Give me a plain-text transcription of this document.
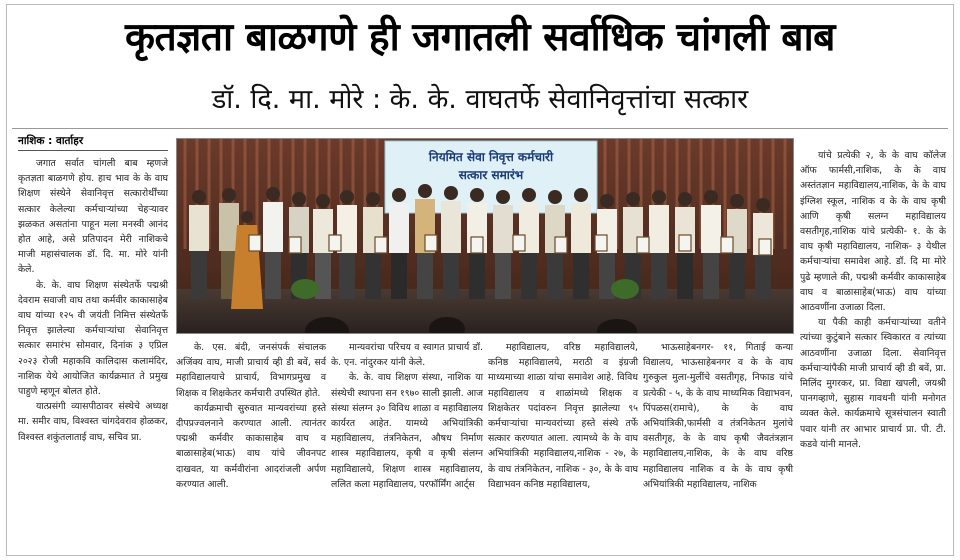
कृतज्ञता बाळगणे ही जगातली सर्वाधिक चांगली बाब
डॉ. दि. मा. मोरे : के. के. वाघतर्फे सेवानिवृत्तांचा सत्कार
नाशिक : वार्ताहर

जगात सर्वात चांगली बाब म्हणजे कृतज्ञता बाळगणे होय. हाच भाव के के वाघ शिक्षण संस्थेने सेवानिवृत्त सत्कारोर्थींच्या सत्कार केलेल्या कर्मचाऱ्यांच्या चेहऱ्यावर झळकत असतांना पाहून मला मनस्वी आनंद होत आहे, असे प्रतिपादन मेरी नाशिकचे माजी महासंचालक डॉ. दि. मा. मोरे यांनी केले.

के. के. वाघ शिक्षण संस्थेतर्फे पद्मश्री देवराम सवाजी वाघ तथा कर्मवीर काकासाहेब वाघ यांच्या १२५ वी जयंती निमित्त संस्थेतर्फे निवृत्त झालेल्या कर्मचाऱ्यांचा सेवानिवृत्त सत्कार समारंभ सोमवार, दिनांक ३ एप्रिल २०२३ रोजी महाकवि कालिदास कलामंदिर, नाशिक येथे आयोजित कार्यक्रमात ते प्रमुख पाहुणे म्हणून बोलत होते.

यात्प्रसंगी व्यासपीठावर संस्थेचे अध्यक्ष मा. समीर वाघ, विश्वस्त चांगदेवराव होळकर, विश्वस्त शकुंतलाताई वाघ, सचिव प्रा.

नियमित सेवा निवृत्त कर्मचारी
सत्कार समारंभ

के. एस. बंदी, जनसंपर्क संचालक अजिंक्य वाघ, माजी प्राचार्य व्ही डी बवें, सर्व महाविद्यालयाचे प्राचार्य, विभागप्रमुख व शिक्षक व शिक्षकेतर कर्मचारी उपस्थित होते.

कार्यक्रमाची सुरुवात मान्यवरांच्या हस्ते दीपप्रज्वलनाने करण्यात आली. त्यानंतर पद्मश्री कर्मवीर काकासाहेब वाघ व बाळासाहेब(भाऊ) वाघ यांचे जीवनपट दाखवत, या कर्मवीरांना आदरांजली अर्पण करण्यात आली.

मान्यवरांचा परिचय व स्वागत प्राचार्य डॉ. के. एन. नांदुरकर यांनी केले.

के. के. वाघ शिक्षण संस्था, नाशिक या संस्थेची स्थापना सन १९७० साली झाली. आज संस्था संलग्न ३० विविध शाळा व महाविद्यालय कार्यरत आहेत. यामध्ये अभियांत्रिकी महाविद्यालय, तंत्रनिकेतन, औषध निर्माण शास्त्र महाविद्यालय, कृषी व कृषी संलग्न महाविद्यालये, शिक्षण शास्त्र महाविद्यालय, ललित कला महाविद्यालय, परफॉर्मिंग आर्ट्स

महाविद्यालय, वरिष्ठ महाविद्यालये, कनिष्ठ महाविद्यालये, मराठी व इंग्रजी माध्यमाच्या शाळा यांचा समावेश आहे. विविध महाविद्यालय व शाळांमध्ये शिक्षक व शिक्षकेतर पदांवरुन निवृत्त झालेल्या ९५ कर्मचाऱ्यांचा मान्यवरांच्या हस्ते संस्थे तर्फे सत्कार करण्यात आला. त्यामध्ये के के वाघ अभियांत्रिकी महाविद्यालय,नाशिक - २७, के के वाघ तंत्रनिकेतन, नाशिक - ३०, के के वाघ विद्याभवन कनिष्ठ महाविद्यालय,

भाऊसाहेबनगर- ११, गिताई कन्या विद्यालय, भाऊसाहेबनगर व के के वाघ गुरुकुल मुला-मुलींचे वसतीगृह, निफाड यांचे प्रत्येकी - ५, के के वाघ माध्यमिक विद्याभवन, पिंपळस(रामाचे), के के वाघ अभियांत्रिकी,फार्मसी व तंत्रनिकेतन मुलांचे वसतीगृह, के के वाघ कृषी जैवतंत्रज्ञान महाविद्यालय,नाशिक, के के वाघ वरिष्ठ महाविद्यालय नाशिक व के के वाघ कृषी अभियांत्रिकी महाविद्यालय, नाशिक

यांचे प्रत्येकी २, के के वाघ कॉलेज ऑफ फार्मसी,नाशिक, के के वाघ अस्तंतज्ञान महाविद्यालय,नाशिक, के के वाघ इंग्लिश स्कूल, नाशिक व के के वाघ कृषी आणि कृषी सलग्न महाविद्यालय वसतीगृह,नाशिक यांचे प्रत्येकी- १. के के वाघ कृषी महाविद्यालय, नाशिक- ३ येथील कर्मचाऱ्यांचा समावेश आहे. डॉ. दि मा मोरे पुढे म्हणाले की, पद्मश्री कर्मवीर काकासाहेब वाघ व बाळासाहेब(भाऊ) वाघ यांच्या आठवणींना उजाळा दिला.

या पैकी काही कर्मचाऱ्यांच्या वतीने त्यांच्या कुटुंबाने सत्कार स्विकारत व त्यांच्या आठवणींना उजाळा दिला. सेवानिवृत्त कर्मचाऱ्यांपैकी माजी प्राचार्य व्ही डी बवें, प्रा. मिलिंद मुगरकर, प्रा. विद्या खपली, जयश्री पानगव्हाणे, सुहास गावधनी यांनी मनोगत व्यक्त केले. कार्यक्रमाचे सूत्रसंचालन स्वाती पवार यांनी तर आभार प्राचार्य प्रा. पी. टी. कडवे यांनी मानले.
